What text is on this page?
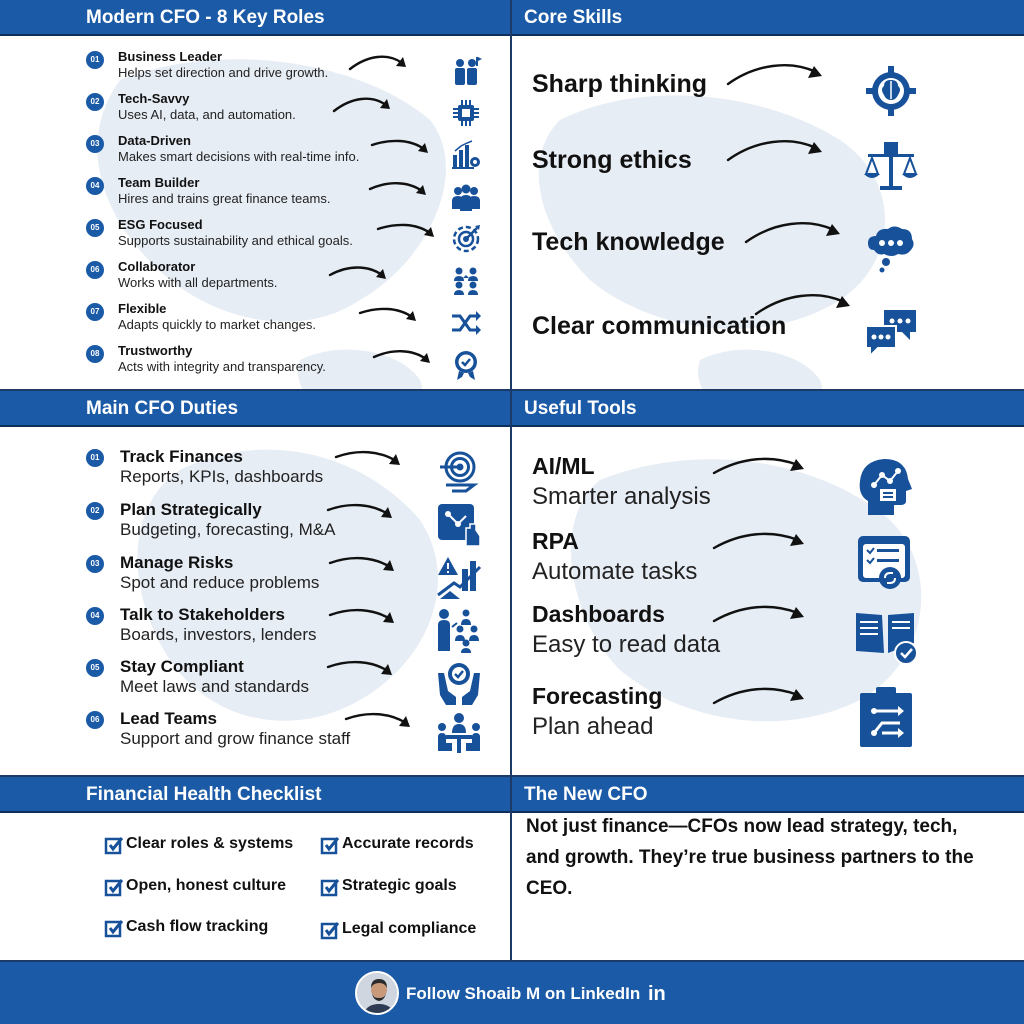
Modern CFO - 8 Key Roles
01	Business Leader
Helps set direction and drive growth.
02	Tech-Savvy
Uses AI, data, and automation.
03	Data-Driven
Makes smart decisions with real-time info.
04	Team Builder
Hires and trains great finance teams.
05	ESG Focused
Supports sustainability and ethical goals.
06	Collaborator
Works with all departments.
07	Flexible
Adapts quickly to market changes.
08	Trustworthy
Acts with integrity and transparency.
Core Skills
Sharp thinking
Strong ethics
Tech knowledge
Clear communication
Main CFO Duties
01 Track Finances
Reports, KPIs, dashboards
02 Plan Strategically
Budgeting, forecasting, M&A
03 Manage Risks
Spot and reduce problems
04 Talk to Stakeholders
Boards, investors, lenders
05 Stay Compliant
Meet laws and standards
06 Lead Teams
Support and grow finance staff
Useful Tools
AI/ML
Smarter analysis
RPA
Automate tasks
Dashboards
Easy to read data
Forecasting
Plan ahead
Financial Health Checklist
Clear roles & systems	Accurate records
Open, honest culture	Strategic goals
Cash flow tracking	Legal compliance
The New CFO

Not just finance—CFOs now lead strategy, tech, and growth. They’re true business partners to the CEO.

Follow Shoaib M on LinkedIn in
